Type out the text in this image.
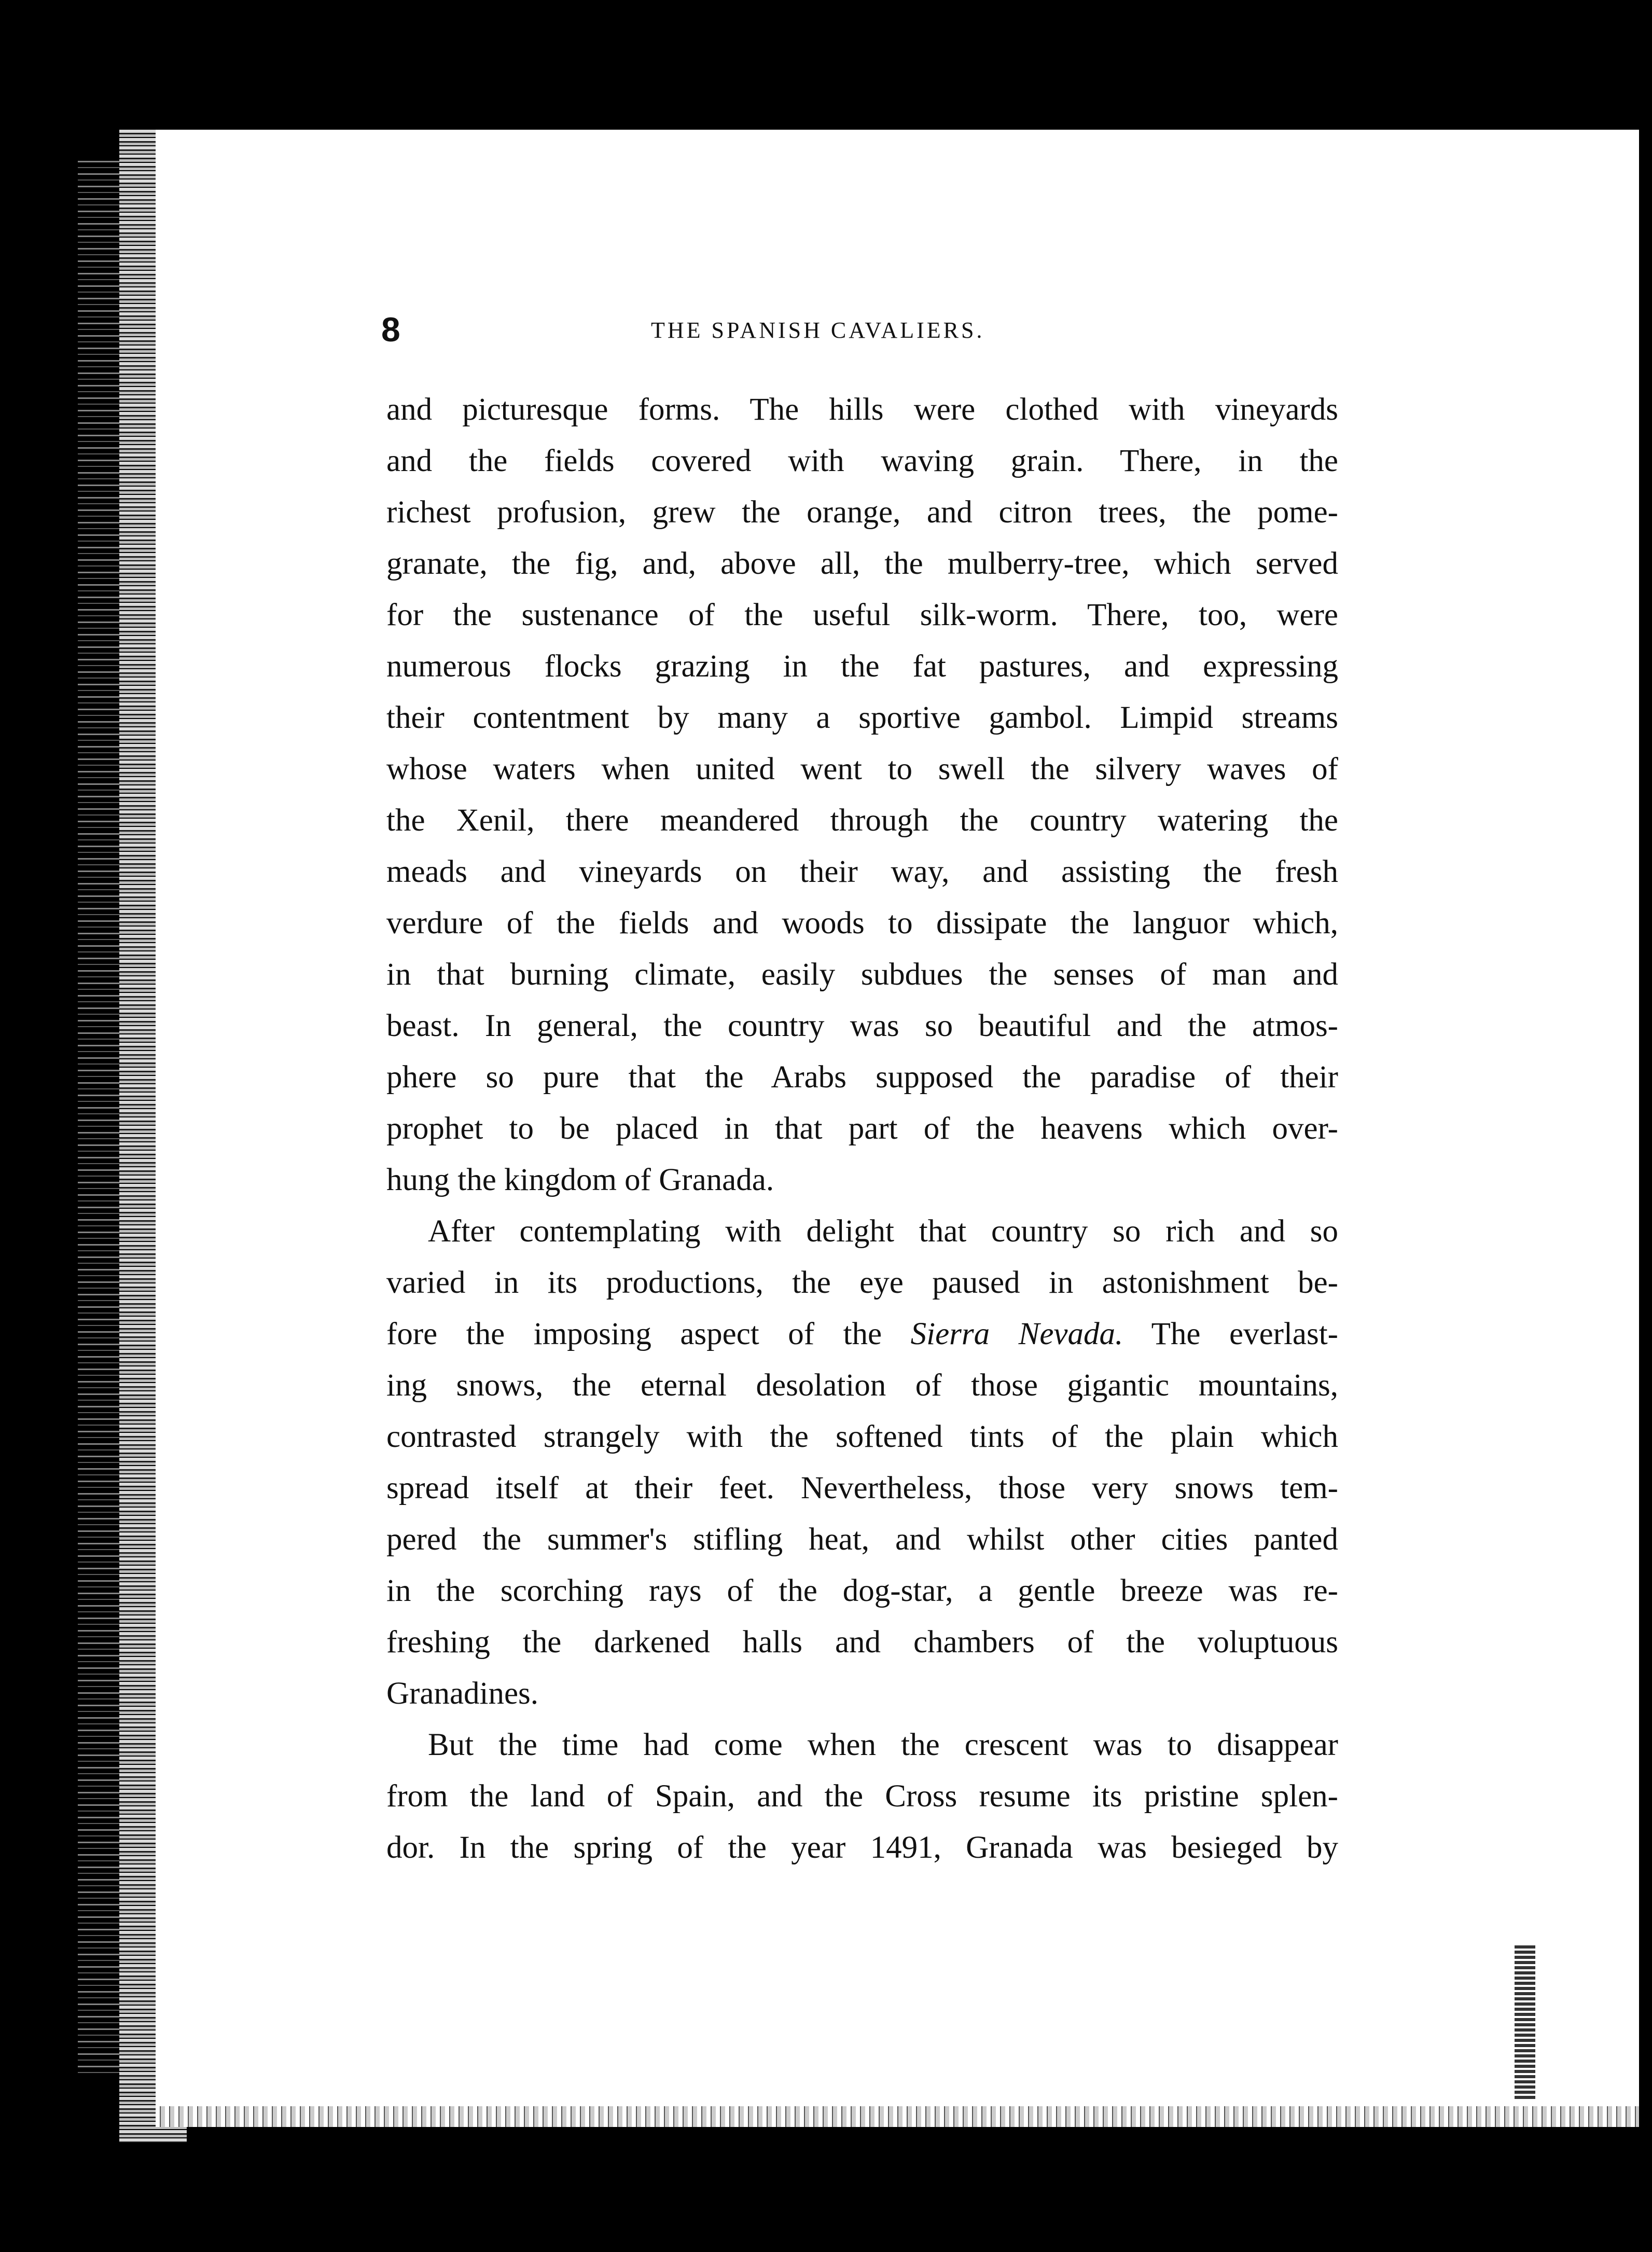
8	THE SPANISH CAVALIERS.
and picturesque forms. The hills were clothed with vineyards
and the fields covered with waving grain. There, in the
richest profusion, grew the orange, and citron trees, the pome-
granate, the fig, and, above all, the mulberry-tree, which served
for the sustenance of the useful silk-worm. There, too, were
numerous flocks grazing in the fat pastures, and expressing
their contentment by many a sportive gambol. Limpid streams
whose waters when united went to swell the silvery waves of
the Xenil, there meandered through the country watering the
meads and vineyards on their way, and assisting the fresh
verdure of the fields and woods to dissipate the languor which,
in that burning climate, easily subdues the senses of man and
beast. In general, the country was so beautiful and the atmos-
phere so pure that the Arabs supposed the paradise of their
prophet to be placed in that part of the heavens which over-
hung the kingdom of Granada.
After contemplating with delight that country so rich and so
varied in its productions, the eye paused in astonishment be-
fore the imposing aspect of the Sierra Nevada. The everlast-
ing snows, the eternal desolation of those gigantic mountains,
contrasted strangely with the softened tints of the plain which
spread itself at their feet. Nevertheless, those very snows tem-
pered the summer's stifling heat, and whilst other cities panted
in the scorching rays of the dog-star, a gentle breeze was re-
freshing the darkened halls and chambers of the voluptuous
Granadines.
But the time had come when the crescent was to disappear
from the land of Spain, and the Cross resume its pristine splen-
dor. In the spring of the year 1491, Granada was besieged by
